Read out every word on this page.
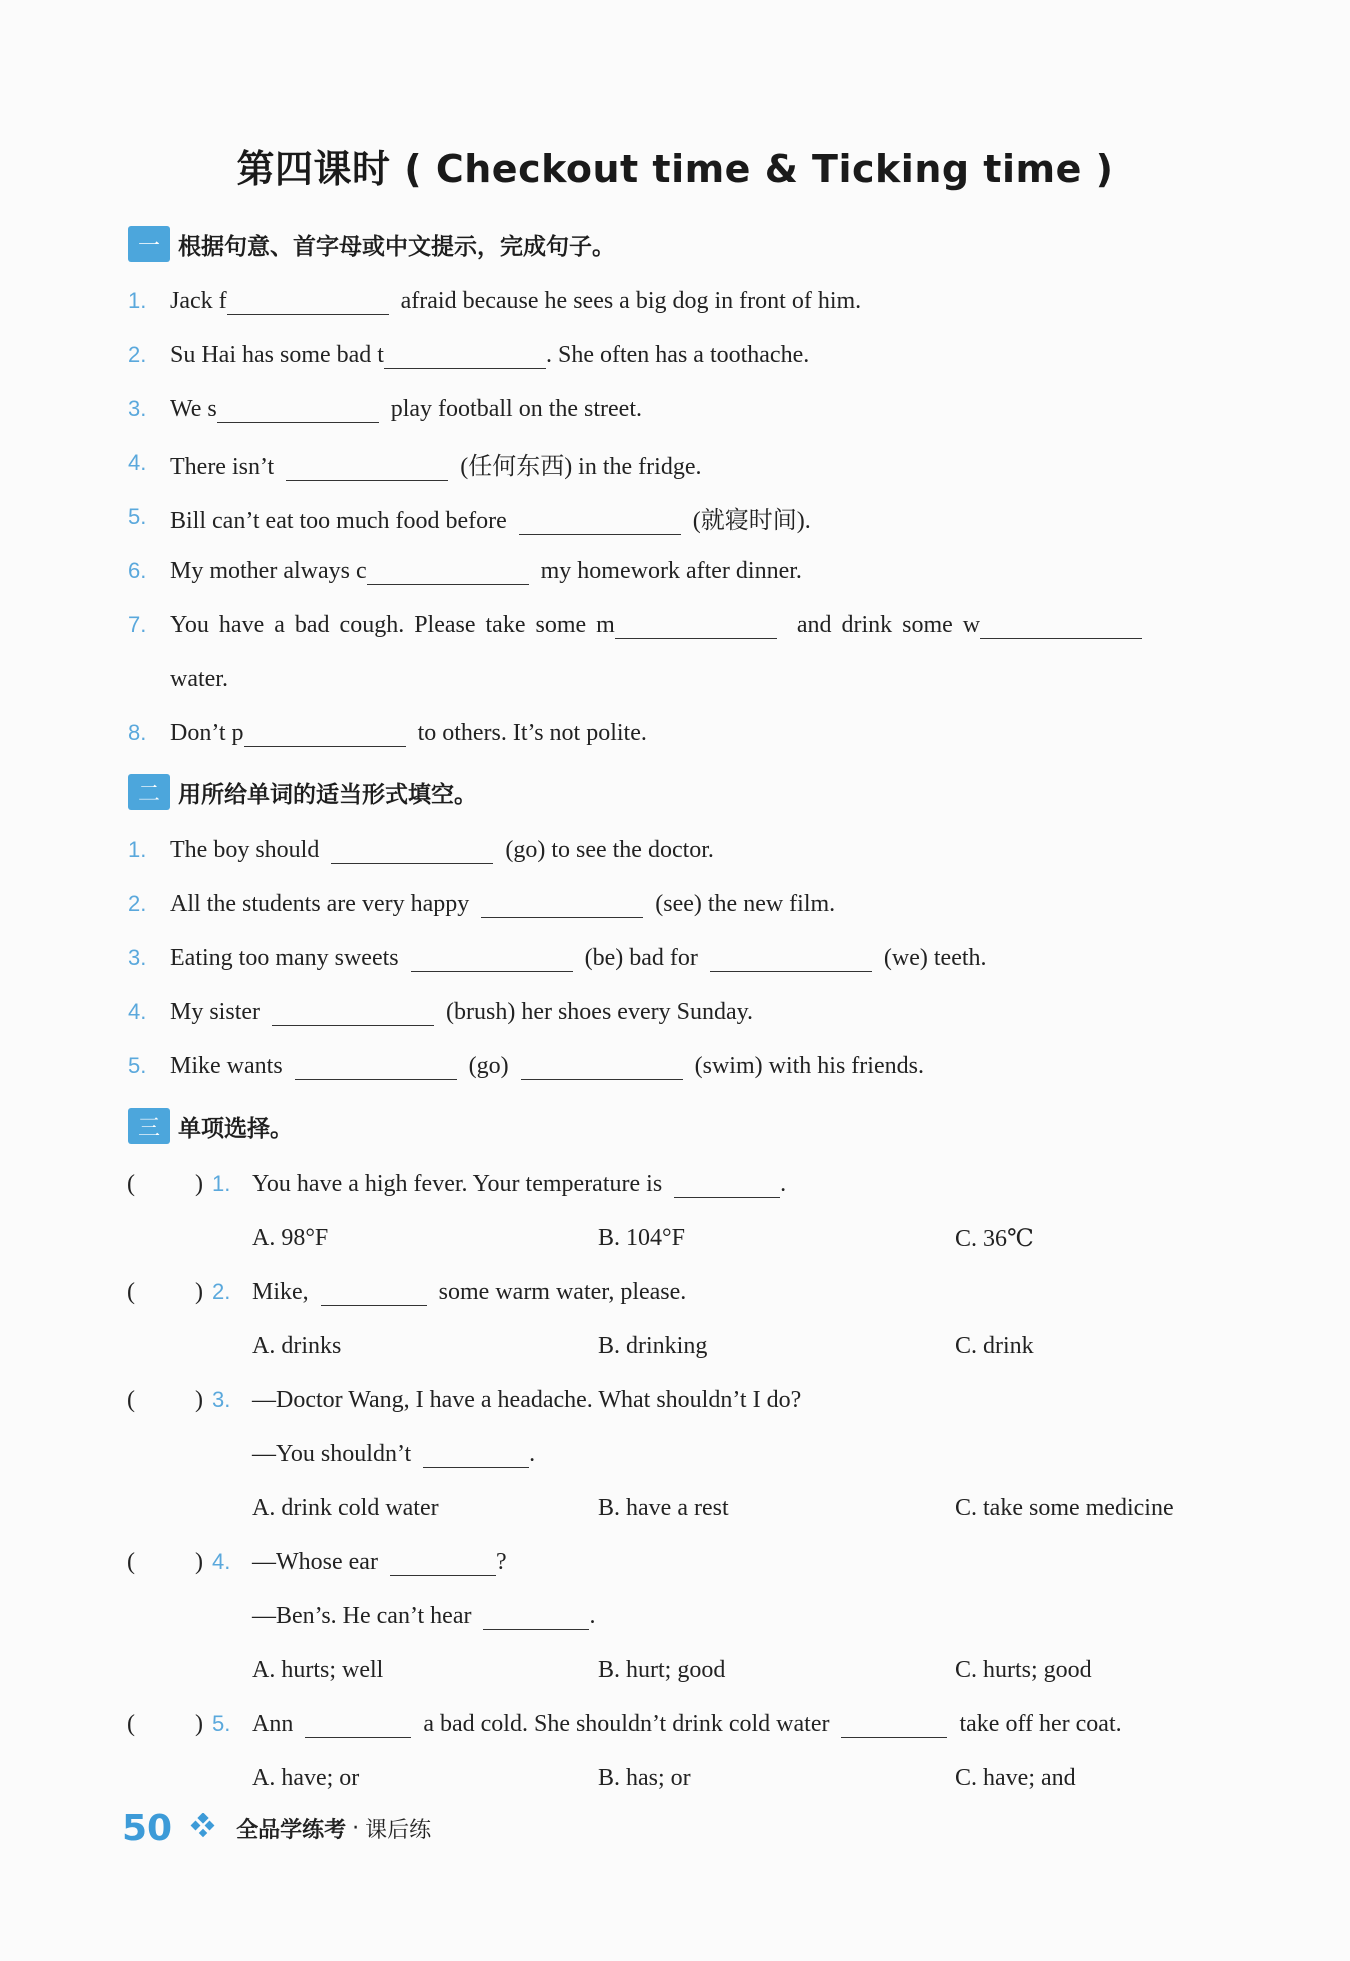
第四课时 ( Checkout time & Ticking time )
一 根据句意、首字母或中文提示，完成句子。
1. Jack f	afraid because he sees a big dog in front of him.
2. Su Hai has some bad t	. She often has a toothache.
3. We s	play football on the street.
4. There isn’t	(任何东西) in the fridge.
5. Bill can’t eat too much food before	(就寝时间).
6. My mother always c	my homework after dinner.
7. You have a bad cough. Please take some m	and drink some w
water.
8. Don’t p	to others. It’s not polite.
二 用所给单词的适当形式填空。
1. The boy should	(go) to see the doctor.
2. All the students are very happy	(see) the new film.
3. Eating too many sweets	(be) bad for	(we) teeth.
4. My sister	(brush) her shoes every Sunday.
5. Mike wants	(go)	(swim) with his friends.
三 单项选择。
(	) 1. You have a high fever. Your temperature is	.
A. 98°F	B. 104°F	C. 36℃
(	) 2. Mike,	some warm water, please.
A. drinks	B. drinking	C. drink
(	) 3. —Doctor Wang, I have a headache. What shouldn’t I do?
—You shouldn’t	.
A. drink cold water	B. have a rest	C. take some medicine
(	) 4. —Whose ear	?
—Ben’s. He can’t hear	.
A. hurts; well	B. hurt; good	C. hurts; good
(	) 5. Ann	a bad cold. She shouldn’t drink cold water	take off her coat.
A. have; or	B. has; or	C. have; and
50	全品学练考 · 课后练
